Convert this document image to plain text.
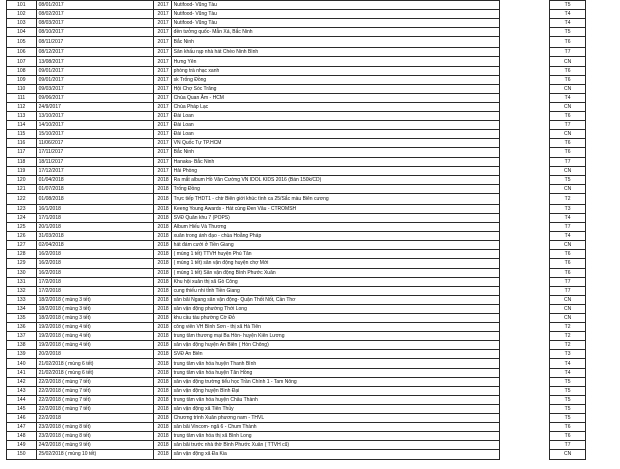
101	08/01/2017	2017	Nutifood- Vũng Tàu		T5
102	08/02/2017	2017	Nutifood- Vũng Tàu		T4
103	08/03/2017	2017	Nutifood- Vũng Tàu		T4
104	08/10/2017	2017	đền tưởng quốc- Mẫn Xá, Bắc Ninh		T5
105	08/11/2017	2017	Bắc Ninh		T6
106	08/12/2017	2017	Sân khấu rạp nhà hát Chèo Ninh Bình		T7
107	13/08/2017	2017	Hưng Yên		CN
108	09/01/2017	2017	phòng trà nhạc xanh		T6
109	09/01/2017	2017	sk Trống Đồng		T6
110	09/03/2017	2017	Hội Chợ Sóc Trăng		CN
111	09/06/2017	2017	Chùa Quan Âm - HCM		T4
112	24/9/2017	2017	Chùa Pháp Lạc		CN
113	13/10/2017	2017	Đài Loan		T6
114	14/10/2017	2017	Đài Loan		T7
115	15/10/2017	2017	Đài Loan		CN
116	11/06/2017	2017	VN Quốc Tự TP.HCM		T6
117	17/11/2017	2017	Bắc Ninh		T6
118	18/11/2017	2017	Hanaka- Bắc Ninh		T7
119	17/12/2017	2017	Hải Phòng		CN
120	01/04/2018	2018	Ra mắt album Hồ Văn Cường VN IDOL KIDS 2016 (Bán 150k/CD)		T5
121	01/07/2018	2018	Trống Đồng		CN
122	01/08/2018	2018	Trực tiếp THDT1 - chtr Biên giới khúc tình ca 25/Sắc màu Biên cương		T2
123	16/1/2018	2018	Keeng Young Awards - Hát cùng Đen Vâu - CTROMSH		T3
124	17/1/2018	2018	SVĐ Quân khu 7 (POPS)		T4
125	20/1/2018	2018	Album Hiếu Và Thương		T7
126	31/03/2018	2018	xuân trong ánh đạo - chùa Hoằng Pháp		T4
127	02/04/2018	2018	hát đám cưới ở Tiền Giang		CN
128	16/2/2018	2018	( mùng 1 tết) TTVH huyện Phú Tân		T6
129	16/2/2018	2018	( mùng 1 tết) sân vận động huyện chợ Mới		T6
130	16/2/2018	2018	( mùng 1 tết) Sân vận động Bình Phước Xuân		T6
131	17/2/2018	2018	Khu hội xuân thị xã Gò Công		T7
132	17/2/2018	2018	cung thiếu nhi tỉnh Tiền Giang		T7
133	18/2/2018 ( mùng 3 tết)	2018	sân bãi Ngang sân vận động- Quận Thốt Nốt, Cần Thơ		CN
134	18/2/2018 ( mùng 3 tết)	2018	sân vận động phường Thới Long		CN
135	18/2/2018 ( mùng 3 tết)	2018	khu cầu tàu phường Cờ Đỏ		CN
136	19/2/2018 ( mùng 4 tết)	2018	công viên VH Bình Sơn - thị xã Hà Tiên		T2
137	19/2/2018 ( mùng 4 tết)	2018	trung tâm thương mại Ba Hòn- huyện Kiên Lương		T2
138	19/2/2018 ( mùng 4 tết)	2018	sân vận động huyện An Biên ( Hòn Chông)		T2
139	20/2/2018	2018	SVĐ An Biên		T3
140	21/02/2018 ( mùng 6 tết)	2018	trung tâm văn hóa huyện Thanh Bình		T4
141	21/02/2018 ( mùng 6 tết)	2018	trung tâm văn hóa huyện Tân Hồng		T4
142	22/2/2018 ( mùng 7 tết)	2018	sân vận động trường tiểu học Trần Chính 1 - Tam Nông		T5
143	22/2/2018 ( mùng 7 tết)	2018	sân vận động huyện Bình Đại		T5
144	22/2/2018 ( mùng 7 tết)	2018	trung tâm văn hóa huyện Châu Thành		T5
145	22/2/2018 ( mùng 7 tết)	2018	sân vận động xã Tiên Thủy		T5
146	22/2/2018	2018	Chương trình Xuân phương nam - THVL		T5
147	23/2/2018 ( mùng 8 tết)	2018	sân bãi Vincom- ngã 6 - Chum Thành		T6
148	23/2/2018 ( mùng 8 tết)	2018	trung tâm văn hóa thị xã Bình Long		T6
149	24/2/2018 ( mùng 9 tết)	2018	sân bãi trước nhà thờ Bình Phước Xuân ( TTVH cũ)		T7
150	25/02/2018 ( mùng 10 tết)	2018	sân vận động xã Đa Kia		CN
